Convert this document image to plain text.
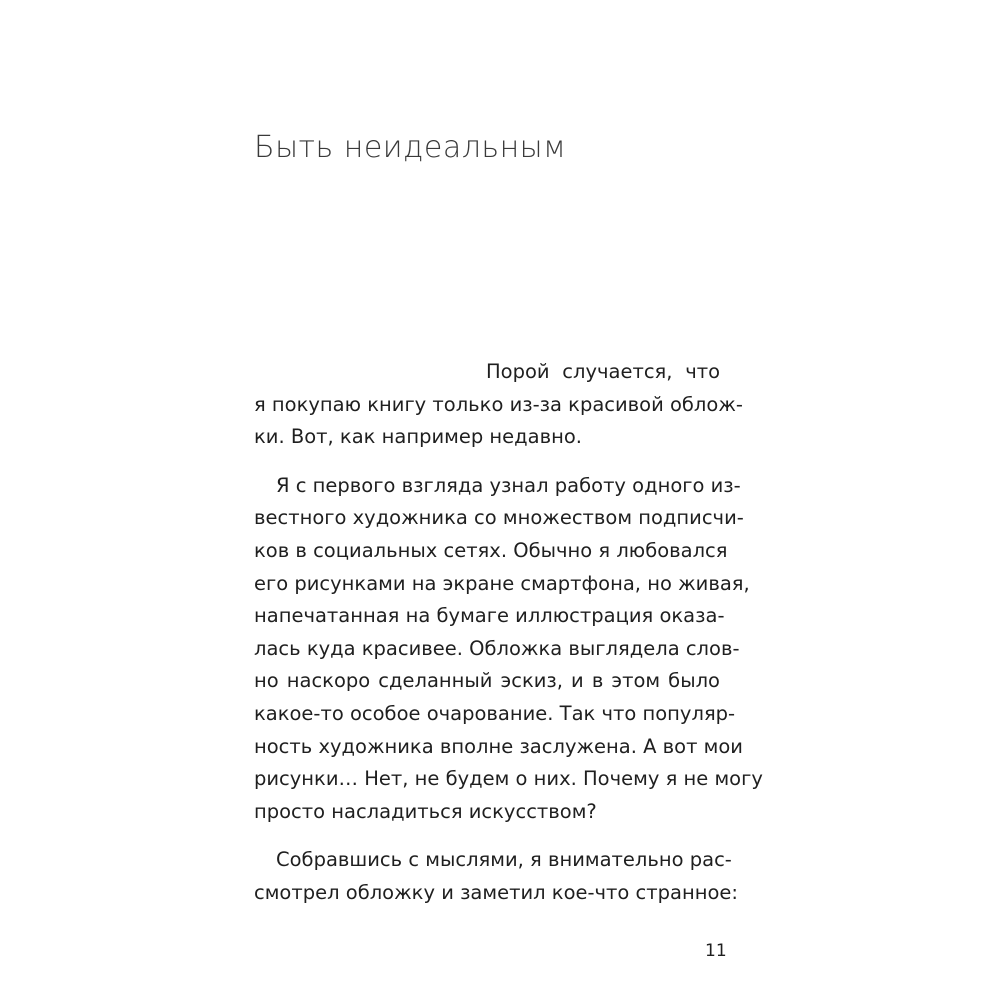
Быть неидеальным

Порой случается, что
я покупаю книгу только из-за красивой облож-
ки. Вот, как например недавно.

Я с первого взгляда узнал работу одного из-
вестного художника со множеством подписчи-
ков в социальных сетях. Обычно я любовался
его рисунками на экране смартфона, но живая,
напечатанная на бумаге иллюстрация оказа-
лась куда красивее. Обложка выглядела слов-
но наскоро сделанный эскиз, и в этом было
какое-то особое очарование. Так что популяр-
ность художника вполне заслужена. А вот мои
рисунки… Нет, не будем о них. Почему я не могу
просто насладиться искусством?

Собравшись с мыслями, я внимательно рас-
смотрел обложку и заметил кое-что странное:

11
